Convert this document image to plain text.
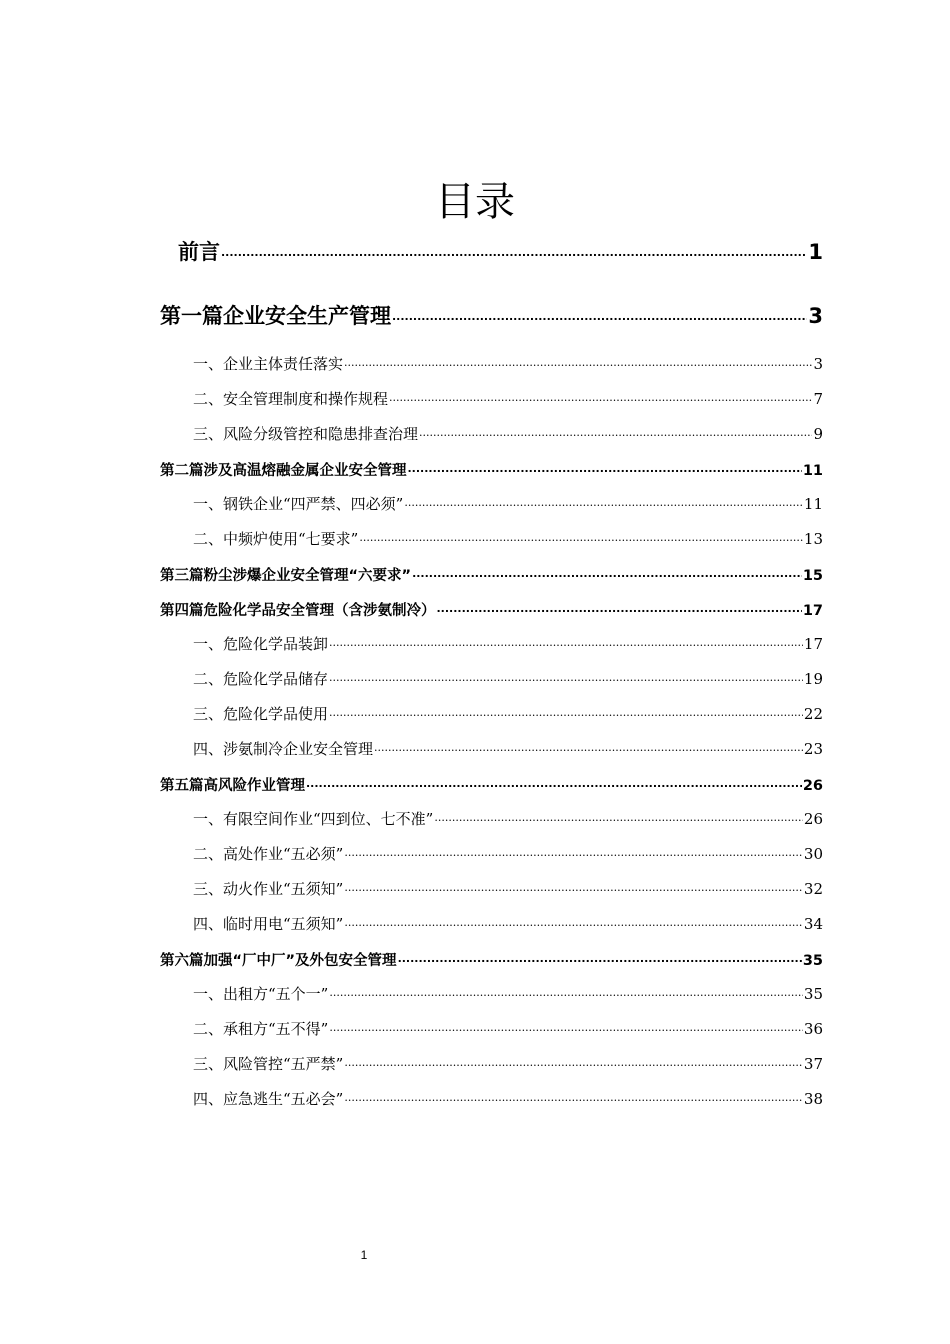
目录
前言 .....	1
第一篇企业安全生产管理 .....	3
一、企业主体责任落实 .....	3
二、安全管理制度和操作规程 .....	7
三、风险分级管控和隐患排查治理 .....	9
第二篇涉及高温熔融金属企业安全管理 .....	11
一、钢铁企业“四严禁、四必须” .....	11
二、中频炉使用“七要求” .....	13
第三篇粉尘涉爆企业安全管理“六要求” .....	15
第四篇危险化学品安全管理（含涉氨制冷） .....	17
一、危险化学品装卸 .....	17
二、危险化学品储存 .....	19
三、危险化学品使用 .....	22
四、涉氨制冷企业安全管理 .....	23
第五篇高风险作业管理 .....	26
一、有限空间作业“四到位、七不准” .....	26
二、高处作业“五必须” .....	30
三、动火作业“五须知” .....	32
四、临时用电“五须知” .....	34
第六篇加强“厂中厂”及外包安全管理 .....	35
一、出租方“五个一” .....	35
二、承租方“五不得” .....	36
三、风险管控“五严禁” .....	37
四、应急逃生“五必会” .....	38
1
